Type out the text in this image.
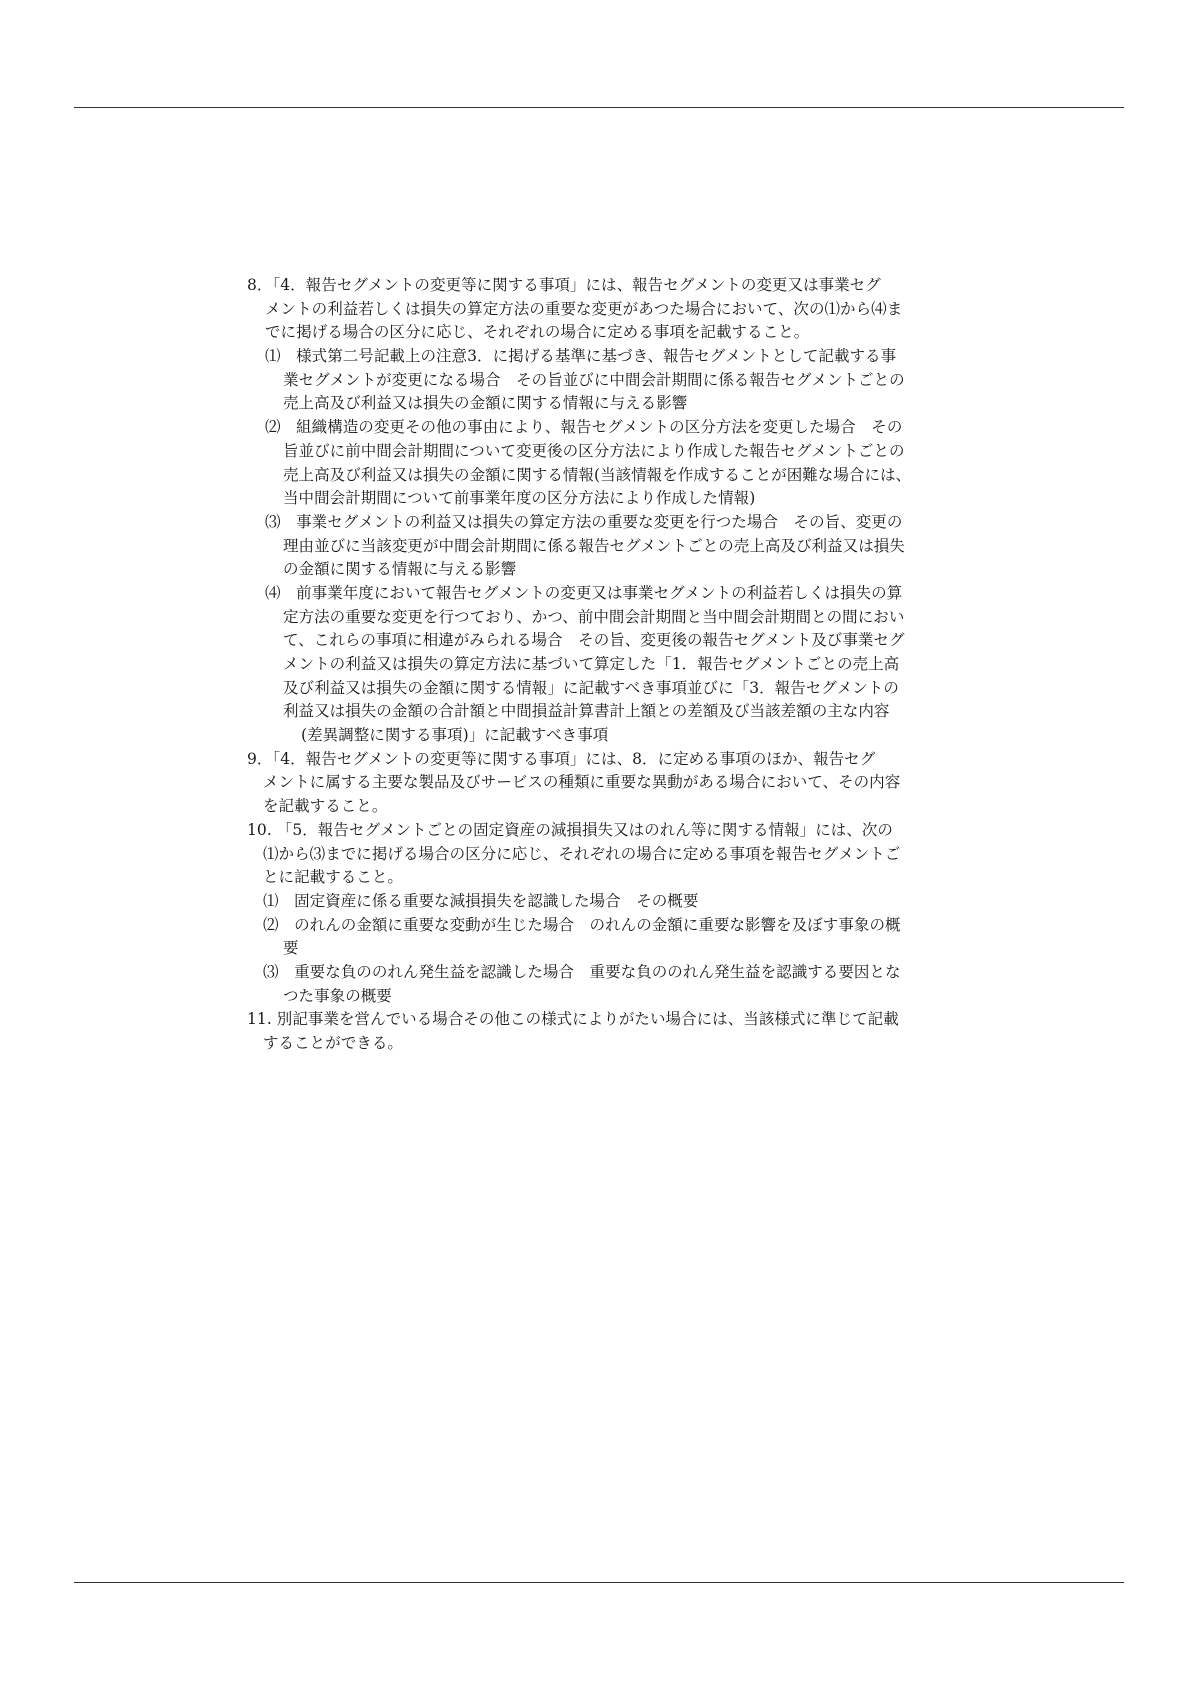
8．「4．報告セグメントの変更等に関する事項」には、報告セグメントの変更又は事業セグ
メントの利益若しくは損失の算定方法の重要な変更があつた場合において、次の⑴から⑷ま
でに掲げる場合の区分に応じ、それぞれの場合に定める事項を記載すること。
⑴　様式第二号記載上の注意3．に掲げる基準に基づき、報告セグメントとして記載する事
業セグメントが変更になる場合　その旨並びに中間会計期間に係る報告セグメントごとの
売上高及び利益又は損失の金額に関する情報に与える影響
⑵　組織構造の変更その他の事由により、報告セグメントの区分方法を変更した場合　その
旨並びに前中間会計期間について変更後の区分方法により作成した報告セグメントごとの
売上高及び利益又は損失の金額に関する情報(当該情報を作成することが困難な場合には、
当中間会計期間について前事業年度の区分方法により作成した情報)
⑶　事業セグメントの利益又は損失の算定方法の重要な変更を行つた場合　その旨、変更の
理由並びに当該変更が中間会計期間に係る報告セグメントごとの売上高及び利益又は損失
の金額に関する情報に与える影響
⑷　前事業年度において報告セグメントの変更又は事業セグメントの利益若しくは損失の算
定方法の重要な変更を行つており、かつ、前中間会計期間と当中間会計期間との間におい
て、これらの事項に相違がみられる場合　その旨、変更後の報告セグメント及び事業セグ
メントの利益又は損失の算定方法に基づいて算定した「1．報告セグメントごとの売上高
及び利益又は損失の金額に関する情報」に記載すべき事項並びに「3．報告セグメントの
利益又は損失の金額の合計額と中間損益計算書計上額との差額及び当該差額の主な内容
(差異調整に関する事項)」に記載すべき事項
9．「4．報告セグメントの変更等に関する事項」には、8．に定める事項のほか、報告セグ
メントに属する主要な製品及びサービスの種類に重要な異動がある場合において、その内容
を記載すること。
10. 「5．報告セグメントごとの固定資産の減損損失又はのれん等に関する情報」には、次の
⑴から⑶までに掲げる場合の区分に応じ、それぞれの場合に定める事項を報告セグメントご
とに記載すること。
⑴　固定資産に係る重要な減損損失を認識した場合　その概要
⑵　のれんの金額に重要な変動が生じた場合　のれんの金額に重要な影響を及ぼす事象の概
要
⑶　重要な負ののれん発生益を認識した場合　重要な負ののれん発生益を認識する要因とな
つた事象の概要
11. 別記事業を営んでいる場合その他この様式によりがたい場合には、当該様式に準じて記載
することができる。
